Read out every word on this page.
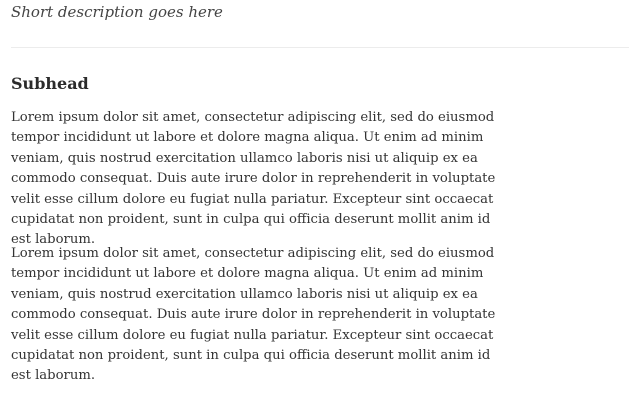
Short description goes here

Subhead

Lorem ipsum dolor sit amet, consectetur adipiscing elit, sed do eiusmod tempor incididunt ut labore et dolore magna aliqua. Ut enim ad minim veniam, quis nostrud exercitation ullamco laboris nisi ut aliquip ex ea commodo consequat. Duis aute irure dolor in reprehenderit in voluptate velit esse cillum dolore eu fugiat nulla pariatur. Excepteur sint occaecat cupidatat non proident, sunt in culpa qui officia deserunt mollit anim id est laborum.

Lorem ipsum dolor sit amet, consectetur adipiscing elit, sed do eiusmod tempor incididunt ut labore et dolore magna aliqua. Ut enim ad minim veniam, quis nostrud exercitation ullamco laboris nisi ut aliquip ex ea commodo consequat. Duis aute irure dolor in reprehenderit in voluptate velit esse cillum dolore eu fugiat nulla pariatur. Excepteur sint occaecat cupidatat non proident, sunt in culpa qui officia deserunt mollit anim id est laborum.
